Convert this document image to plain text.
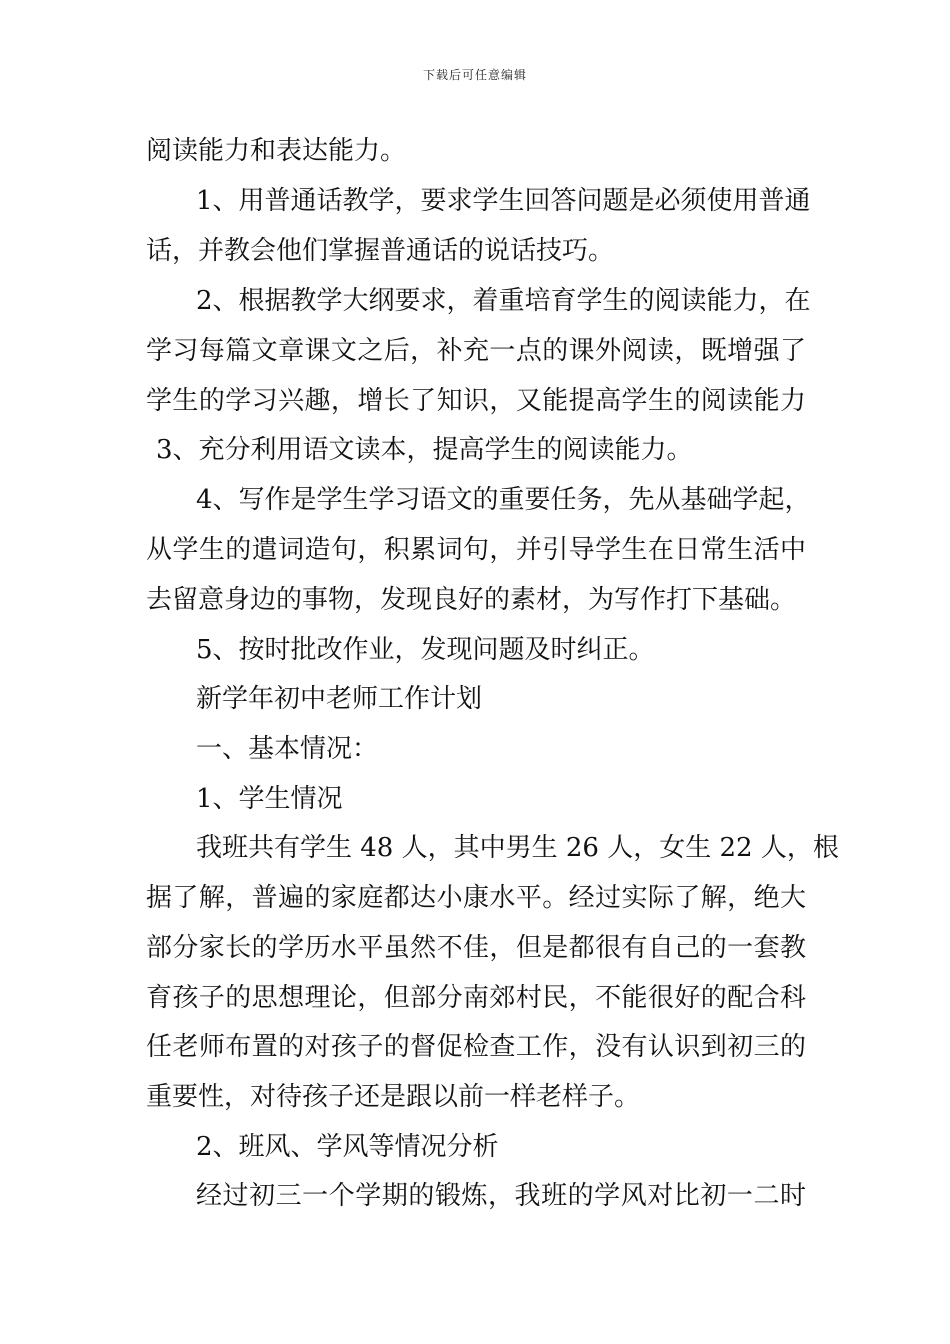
下载后可任意编辑
阅读能力和表达能力。
1、用普通话教学，要求学生回答问题是必须使用普通
话，并教会他们掌握普通话的说话技巧。
2、根据教学大纲要求，着重培育学生的阅读能力，在
学习每篇文章课文之后，补充一点的课外阅读，既增强了
学生的学习兴趣，增长了知识，又能提高学生的阅读能力
3、充分利用语文读本，提高学生的阅读能力。
4、写作是学生学习语文的重要任务，先从基础学起，
从学生的遣词造句，积累词句，并引导学生在日常生活中
去留意身边的事物，发现良好的素材，为写作打下基础。
5、按时批改作业，发现问题及时纠正。
新学年初中老师工作计划
一、基本情况：
1、学生情况
我班共有学生 48 人，其中男生 26 人，女生 22 人，根
据了解，普遍的家庭都达小康水平。经过实际了解，绝大
部分家长的学历水平虽然不佳，但是都很有自己的一套教
育孩子的思想理论，但部分南郊村民，不能很好的配合科
任老师布置的对孩子的督促检查工作，没有认识到初三的
重要性，对待孩子还是跟以前一样老样子。
2、班风、学风等情况分析
经过初三一个学期的锻炼，我班的学风对比初一二时
